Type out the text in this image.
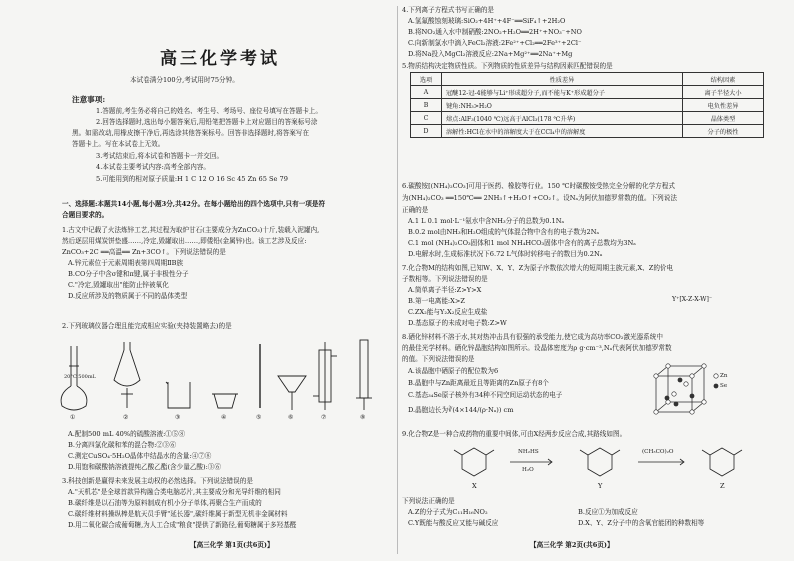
高三化学考试
本试卷满分100分,考试用时75分钟。
注意事项:
1.答题前,考生务必将自己的姓名、考生号、考场号、座位号填写在答题卡上。
2.回答选择题时,选出每小题答案后,用铅笔把答题卡上对应题目的答案标号涂
黑。如需改动,用橡皮擦干净后,再选涂其他答案标号。回答非选择题时,将答案写在
答题卡上。写在本试卷上无效。
3.考试结束后,将本试卷和答题卡一并交回。
4.本试卷主要考试内容:高考全部内容。
5.可能用到的相对原子质量:H 1 C 12 O 16 Sc 45 Zn 65 Se 79
一、选择题:本题共14小题,每小题3分,共42分。在每小题给出的四个选项中,只有一项是符
合题目要求的。
1.古文中记载了火法炼锌工艺,其过程为取炉甘石(主要成分为ZnCO₃)十斤,装载入泥罐内,
然后逐层用煤炭饼垫盛……,冷定,毁罐取出……,即倭铅(金属锌)也。该工艺涉及反应:
ZnCO₃+2C ══高温══ Zn+3CO↑。下列说法错误的是
A.锌元素位于元素周期表第四周期ⅡB族
B.CO分子中含σ键和π键,属于非极性分子
C."冷定,毁罐取出"能防止锌被氧化
D.反应所涉及的物质属于不同的晶体类型
2.下列玻璃仪器合理且能完成相应实验(夹持装置略去)的是
20°C 500mL
①	②	③	④	⑤	⑥	⑦	⑧
A.配制500 mL 40%的硫酸溶液:①⑤⑧
B.分离四氯化碳和苯的混合物:②③⑥
C.测定CuSO₄·5H₂O晶体中结晶水的含量:④⑦⑧
D.用饱和碳酸钠溶液提纯乙酸乙酯(含少量乙酸):③⑥
3.科技创新是赢得未来发展主动权的必然选择。下列说法错误的是
A."天机芯"是全球首款异构融合类电脑芯片,其主要成分和光导纤维的相同
B.碳纤维是以石油等为原料制成有机小分子单体,再聚合生产而成的
C.碳纤维材料操纵棒是航天员手臂"延长器",碳纤维属于新型无机非金属材料
D.用二氧化碳合成葡萄糖,为人工合成"粮食"提供了新路径,葡萄糖属于多羟基醛
【高三化学 第1页(共6页)】
4.下列离子方程式书写正确的是
A.氢氟酸蚀刻玻璃:SiO₂+4H⁺+4F⁻══SiF₄↑+2H₂O
B.将NO₂通入水中制硝酸:2NO₂+H₂O══2H⁺+NO₃⁻+NO
C.向新制氯水中滴入FeCl₂溶液:2Fe²⁺+Cl₂══2Fe³⁺+2Cl⁻
D.将Na投入MgCl₂溶液反应:2Na+Mg²⁺══2Na⁺+Mg
5.物质结构决定物质性质。下列物质的性质差异与结构因素匹配错误的是
选项	性质差异	结构因素
A	冠醚12-冠-4能够与Li⁺形成超分子,而不能与K⁺形成超分子	离子半径大小
B	键角:NH₃>H₂O	电负性差异
C	熔点:AlF₃(1040 ℃)远高于AlCl₃(178 ℃升华)	晶体类型
D	溶解性:HCl在水中的溶解度大于在CCl₄中的溶解度	分子的极性
6.碳酸铵[(NH₄)₂CO₃]可用于医药、橡胶等行业。150 ℃时碳酸铵受热完全分解的化学方程式
为(NH₄)₂CO₃ ══150℃══ 2NH₃↑+H₂O↑+CO₂↑。设Nₐ为阿伏加德罗常数的值。下列说法
正确的是
A.1 L 0.1 mol·L⁻¹氨水中含NH₃分子的总数为0.1Nₐ
B.0.2 mol由NH₃和H₂O组成的气体混合物中含有的电子数为2Nₐ
C.1 mol (NH₄)₂CO₃固体和1 mol NH₄HCO₃固体中含有的离子总数均为3Nₐ
D.电解水时,生成标准状况下6.72 L气体时转移电子的数目为0.2Nₐ
7.化合物M的结构如图,已知W、X、Y、Z为原子序数依次增大的短周期主族元素,X、Z的价电
子数相等。下列说法错误的是
A.简单离子半径:Z>Y>X
B.第一电离能:X>Z
C.ZX₂能与Y₂X₂反应生成盐
D.基态原子的未成对电子数:Z>W
Y⁺[X-Z-X-W]⁻
8.硒化锌材料不溶于水,其对热冲击具有很强的承受能力,使它成为高功率CO₂激光器系统中
的最佳光学材料。硒化锌晶胞结构如图所示。设晶体密度为ρ g·cm⁻³,Nₐ代表阿伏加德罗常数
的值。下列说法错误的是
A.该晶胞中硒原子的配位数为6
B.晶胞中与Zn距离最近且等距离的Zn原子有8个
C.基态₃₄Se原子核外有34种不同空间运动状态的电子
D.晶胞边长为∛(4×144/(ρ·Nₐ)) cm
Zn
Se
9.化合物Z是一种合成药物的重要中间体,可由X经两步反应合成,其路线如图。
NH₂HS
H₂O
(CH₃CO)₂O
X	Y	Z
下列说法正确的是
A.Z的分子式为C₁₁H₁₆NO₂	B.反应①为加成反应
C.Y既能与酸反应又能与碱反应	D.X、Y、Z分子中的含氧官能团的种数相等
【高三化学 第2页(共6页)】
